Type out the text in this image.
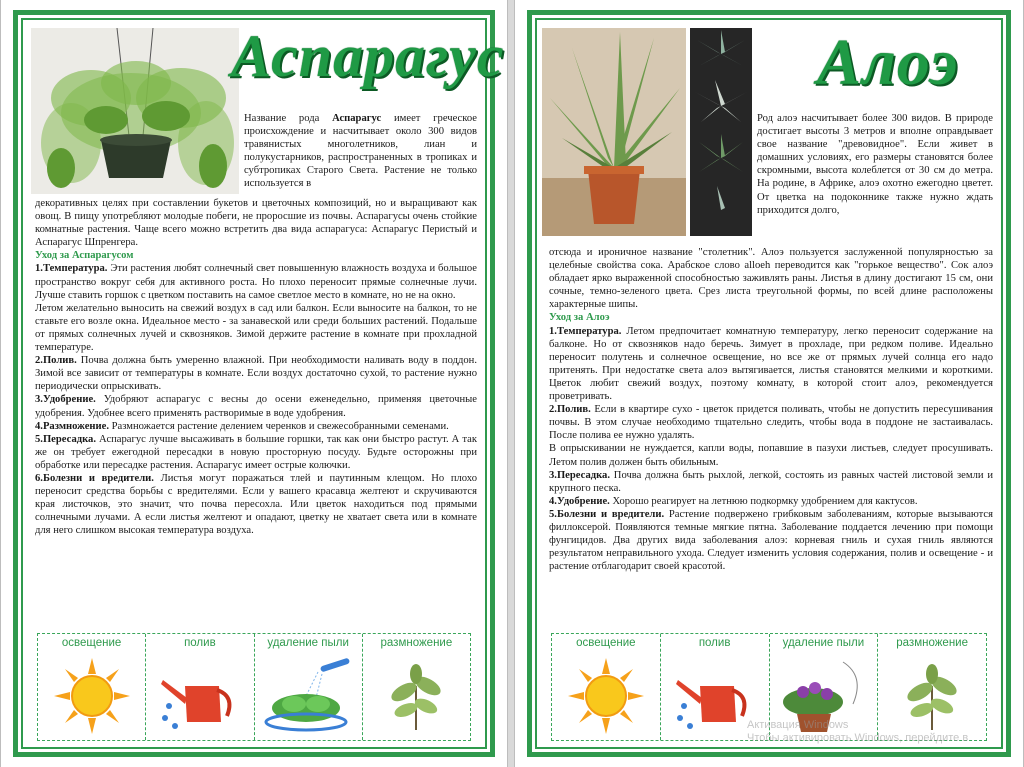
Аспарагус

Название рода Аспарагус имеет греческое происхождение и насчитывает около 300 видов травянистых многолетников, лиан и полукустарников, распространенных в тропиках и субтропиках Старого Света. Растение не только используется в

декоративных целях при составлении букетов и цветочных композиций, но и выращивают как овощ. В пищу употребляют молодые побеги, не проросшие из почвы. Аспарагусы очень стойкие комнатные растения. Чаще всего можно встретить два вида аспарагуса: Аспарагус Перистый и Аспарагус Шпренгера.

Уход за Аспарагусом

1.Температура. Эти растения любят солнечный свет повышенную влажность воздуха и большое пространство вокруг себя для активного роста. Но плохо переносит прямые солнечные лучи. Лучше ставить горшок с цветком поставить на самое светлое место в комнате, но не на окно.

Летом желательно выносить на свежий воздух в сад или балкон. Если выносите на балкон, то не ставьте его возле окна. Идеальное место - за занавеской или среди больших растений. Подальше от прямых солнечных лучей и сквозняков. Зимой держите растение в комнате при прохладной температуре.

2.Полив. Почва должна быть умеренно влажной. При необходимости наливать воду в поддон. Зимой все зависит от температуры в комнате. Если воздух достаточно сухой, то растение нужно периодически опрыскивать.

3.Удобрение. Удобряют аспарагус с весны до осени еженедельно, применяя цветочные удобрения. Удобнее всего применять растворимые в воде удобрения.

4.Размножение. Размножается растение делением черенков и свежесобранными семенами.

5.Пересадка. Аспарагус лучше высаживать в большие горшки, так как они быстро растут. А так же он требует ежегодной пересадки в новую просторную посуду. Будьте осторожны при обработке или пересадке растения. Аспарагус имеет острые колючки.

6.Болезни и вредители. Листья могут поражаться тлей и паутинным клещом. Но плохо переносит средства борьбы с вредителями. Если у вашего красавца желтеют и скручиваются края листочков, это значит, что почва пересохла. Или цветок находиться под прямыми солнечными лучами. А если листья желтеют и опадают, цветку не хватает света или в комнате для него слишком высокая температура воздуха.

освещение	полив	удаление пыли	размножение
Алоэ
Род алоэ насчитывает более 300 видов. В природе достигает высоты 3 метров и вполне оправдывает свое название "древовидное". Если живет в домашних условиях, его размеры становятся более скромными, высота колеблется от 30 см до метра. На родине, в Африке, алоэ охотно ежегодно цветет. От цветка на подоконнике также нужно ждать приходится долго,

отсюда и ироничное название "столетник". Алоэ пользуется заслуженной популярностью за целебные свойства сока. Арабское слово alloeh переводится как "горькое вещество". Сок алоэ обладает ярко выраженной способностью заживлять раны. Листья в длину достигают 15 см, они сочные, темно-зеленого цвета. Срез листа треугольной формы, по всей длине расположены характерные шипы.

Уход за Алоэ

1.Температура. Летом предпочитает комнатную температуру, легко переносит содержание на балконе. Но от сквозняков надо беречь. Зимует в прохладе, при редком поливе. Идеально переносит полутень и солнечное освещение, но все же от прямых лучей солнца его надо притенять. При недостатке света алоэ вытягивается, листья становятся мелкими и короткими. Цветок любит свежий воздух, поэтому комнату, в которой стоит алоэ, рекомендуется проветривать.

2.Полив. Если в квартире сухо - цветок придется поливать, чтобы не допустить пересушивания почвы. В этом случае необходимо тщательно следить, чтобы вода в поддоне не застаивалась. После полива ее нужно удалять.

В опрыскивании не нуждается, капли воды, попавшие в пазухи листьев, следует просушивать. Летом полив должен быть обильным.

3.Пересадка. Почва должна быть рыхлой, легкой, состоять из равных частей листовой земли и крупного песка.

4.Удобрение. Хорошо реагирует на летнюю подкормку удобрением для кактусов.

5.Болезни и вредители. Растение подвержено грибковым заболеваниям, которые вызываются филлоксерой. Появляются темные мягкие пятна. Заболевание поддается лечению при помощи фунгицидов. Два других вида заболевания алоэ: корневая гниль и сухая гниль являются результатом неправильного ухода. Следует изменить условия содержания, полив и освещение - и растение отблагодарит своей красотой.

освещение	полив	удаление пыли	размножение
Активация Windows
Чтобы активировать Windows, перейдите в
